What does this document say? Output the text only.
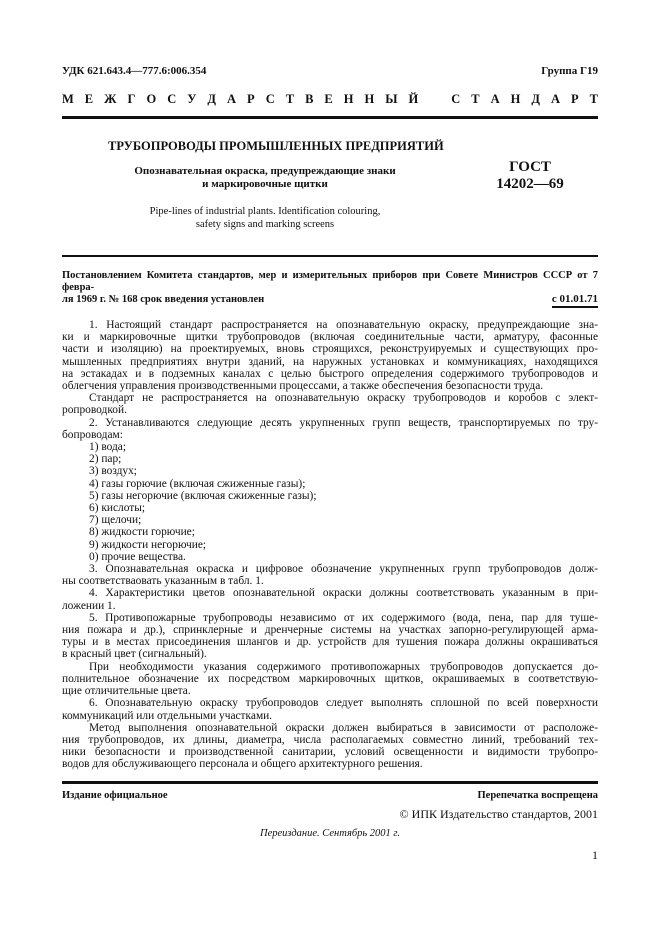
УДК 621.643.4—777.6:006.354	Группа Г19
М Е Ж Г О С У Д А Р С Т В Е Н Н Ы Й   С Т А Н Д А Р Т
ТРУБОПРОВОДЫ ПРОМЫШЛЕННЫХ ПРЕДПРИЯТИЙ
Опознавательная окраска, предупреждающие знаки
и маркировочные щитки
ГОСТ
14202—69
Pipe-lines of industrial plants. Identification colouring,
safety signs and marking screens
Постановлением Комитета стандартов, мер и измерительных приборов при Совете Министров СССР от 7 февра-
ля 1969 г. № 168 срок введения установлен	с 01.01.71
1. Настоящий стандарт распространяется на опознавательную окраску, предупреждающие зна-
ки и маркировочные щитки трубопроводов (включая соединительные части, арматуру, фасонные
части и изоляцию) на проектируемых, вновь строящихся, реконструируемых и существующих про-
мышленных предприятиях внутри зданий, на наружных установках и коммуникациях, находящихся
на эстакадах и в подземных каналах с целью быстрого определения содержимого трубопроводов и
облегчения управления производственными процессами, а также обеспечения безопасности труда.
Стандарт не распространяется на опознавательную окраску трубопроводов и коробов с элект-
ропроводкой.
2. Устанавливаются следующие десять укрупненных групп веществ, транспортируемых по тру-
бопроводам:
1) вода;
2) пар;
3) воздух;
4) газы горючие (включая сжиженные газы);
5) газы негорючие (включая сжиженные газы);
6) кислоты;
7) щелочи;
8) жидкости горючие;
9) жидкости негорючие;
0) прочие вещества.
3. Опознавательная окраска и цифровое обозначение укрупненных групп трубопроводов долж-
ны соответстваовать указанным в табл. 1.
4. Характеристики цветов опознавательной окраски должны соответствовать указанным в при-
ложении 1.
5. Противопожарные трубопроводы независимо от их содержимого (вода, пена, пар для туше-
ния пожара и др.), спринклерные и дренчерные системы на участках запорно-регулирующей арма-
туры и в местах присоединения шлангов и др. устройств для тушения пожара должны окрашиваться
в красный цвет (сигнальный).
При необходимости указания содержимого противопожарных трубопроводов допускается до-
полнительное обозначение их посредством маркировочных щитков, окрашиваемых в соответствую-
щие отличительные цвета.
6. Опознавательную окраску трубопроводов следует выполнять сплошной по всей поверхности
коммуникаций или отдельными участками.
Метод выполнения опознавательной окраски должен выбираться в зависимости от расположе-
ния трубопроводов, их длины, диаметра, числа располагаемых совместно линий, требований тех-
ники безопасности и производственной санитарии, условий освещенности и видимости трубопро-
водов для обслуживающего персонала и общего архитектурного решения.
Издание официальное	Перепечатка воспрещена
© ИПК Издательство стандартов, 2001
Переиздание. Сентябрь 2001 г.
1
